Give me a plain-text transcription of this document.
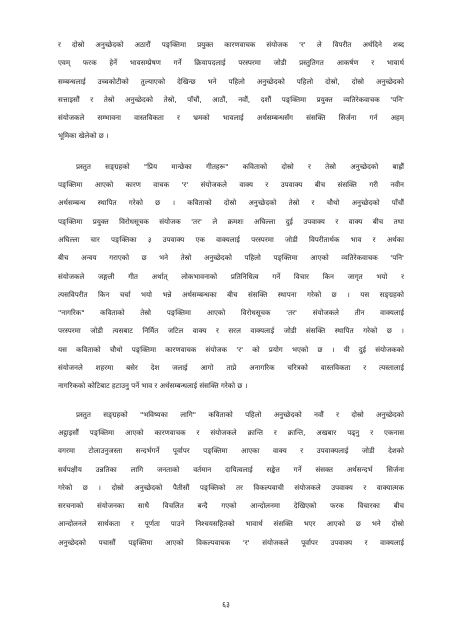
र दोस्रो अनुच्छेदको अठारौं पङ्क्तिमा प्रयुक्त कारणवाचक संयोजक 'र' ले विपरीत अर्थदिने शब्द
एवम् फरक हेर्ने भावसम्प्रेषण गर्ने क्रियापदलाई परस्परमा जोडी प्रस्तुतिगत आकर्षण र भावार्थ
सम्बन्धलाई उच्चकोटीको तुल्याएको देखिन्छ भने पहिलो अनुच्छेदको पहिलो दोस्रो, दोस्रो अनुच्छेदको
सत्ताइसौं र तेस्रो अनुच्छेदको तेस्रो, पाँचौं, आठौं, नवौं, दशौं पङ्क्तिमा प्रयुक्त व्यतिरेकवाचक 'पनि'
संयोजकले सम्भावना वास्तविकता र भ्रमको भावलाई अर्थसम्बन्धसँग संसक्ति सिर्जना गर्न अहम्
भूमिका खेलेको छ ।
प्रस्तुत सङ्ग्रहको "प्रिय मान्छेका गीतहरू" कविताको दोस्रो र तेस्रो अनुच्छेदको बाह्रौं
पङ्क्तिमा आएको कारण वाचक 'र' संयोजकले वाक्य र उपवाक्य बीच संसक्ति गरी नवीन
अर्थसम्बन्ध स्थापित गरेको छ । कविताको दोस्रो अनुच्छेदको तेस्रो र चौथो अनुच्छेदको पाँचौं
पङ्क्तिमा प्रयुक्त विरोधसूचक संयोजक 'तर' ले क्रमशः अघिल्ला दुई उपवाक्य र वाक्य बीच तथा
अघिल्ला चार पङ्क्तिका ३ उपवाक्य एक वाक्यलाई परस्परमा जोडी विपरीतार्थक भाव र अर्थका
बीच अन्वय गराएको छ भने तेस्रो अनुच्छेदको पहिलो पङ्क्तिमा आएको व्यतिरेकवाचक 'पनि'
संयोजकले जङ्गली गीत अर्थात् लोकभावनाको प्रतिनिधित्व गर्ने विचार किन जागृत भयो र
त्यसविपरीत किन चर्चा भयो भन्ने अर्थसम्बन्धका बीच संसक्ति स्थापना गरेको छ । यस सङ्ग्रहको
"नागरिक" कविताको तेस्रो पङ्क्तिमा आएको विरोधसूचक 'तर' संयोजकले तीन वाक्यलाई
परस्परमा जोडी त्यसबाट निर्मित जटिल वाक्य र सरल वाक्यलाई जोडी संसक्ति स्थापित गरेको छ ।
यस कविताको चौथो पङ्क्तिमा कारणवाचक संयोजक 'र' को प्रयोग भएको छ । यी दुई संयोजकको
संयोजनले शहरमा बसेर देश जलाई आगो ताप्ने अनागरिक चरित्रको वास्तविकता र त्यस्तालाई
नागरिकको कोटिबाट हटाउनु पर्ने भाव र अर्थसम्बन्धलाई संसक्ति गरेको छ ।
प्रस्तुत सङ्ग्रहको "भविष्यका लागि" कविताको पहिलो अनुच्छेदको नवौं र दोस्रो अनुच्छेदको
अट्ठाइसौं पङ्क्तिमा आएको कारणवाचक र संयोजकले क्रान्ति र क्रान्ति, अखबार पढ्नु र एकनास
वगरमा टोलाउनुजस्ता सन्दर्भगर्ने पूर्वापर पङ्क्तिमा आएका वाक्य र उपवाक्यलाई जोडी देशको
सर्वपक्षीय उन्नतिका लागि जनताको वर्तमान दायित्वलाई सङ्केत गर्ने संसक्त अर्थसन्दर्भ सिर्जना
गरेको छ । दोस्रो अनुच्छेदको पैतीसौं पङ्क्तिको तर विकल्पवाची संयोजकले उपवाक्य र वाक्यात्मक
सरचनाको संयोजनका साथै विचलित बन्दै गएको आन्दोलनमा देखिएको फरक विचारका बीच
आन्दोलनले सार्थकता र पूर्णता पाउने निश्चयसहितको भावार्थ संसक्ति भएर आएको छ भने दोस्रो
अनुच्छेदको पचासौं पङ्क्तिमा आएको विकल्पवाचक 'र' संयोजकले पूर्वापर उपवाक्य र वाक्यलाई
६३
